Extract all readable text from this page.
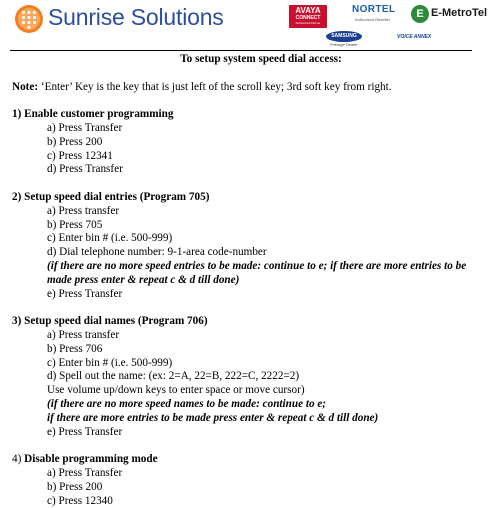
Sunrise Solutions	AVAYA
CONNECT
Authorized Partner
NORTEL
Authorized Reseller	E E-MetroTel
SAMSUNG
Prestige Dealer
VOICE ANNEX
To setup system speed dial access:
Note: ‘Enter’ Key is the key that is just left of the scroll key; 3rd soft key from right.
1) Enable customer programming
a) Press Transfer
b) Press 200
c) Press 12341
d) Press Transfer
2) Setup speed dial entries (Program 705)
a) Press transfer
b) Press 705
c) Enter bin # (i.e. 500-999)
d) Dial telephone number: 9-1-area code-number
(if there are no more speed entries to be made: continue to e; if there are more entries to be made press enter & repeat c & d till done)
e) Press Transfer
3) Setup speed dial names (Program 706)
a) Press transfer
b) Press 706
c) Enter bin # (i.e. 500-999)
d) Spell out the name: (ex: 2=A, 22=B, 222=C, 2222=2)
Use volume up/down keys to enter space or move cursor)
(if there are no more speed names to be made: continue to e;
if there are more entries to be made press enter & repeat c & d till done)
e) Press Transfer
4) Disable programming mode
a) Press Transfer
b) Press 200
c) Press 12340
